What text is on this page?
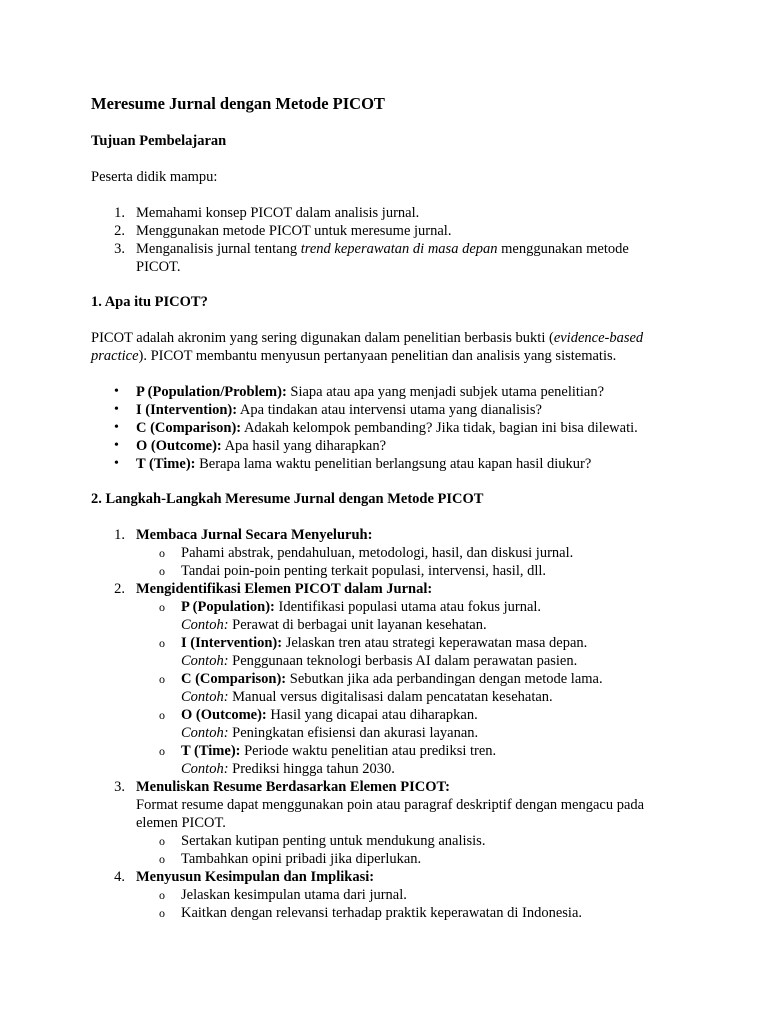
Meresume Jurnal dengan Metode PICOT
Tujuan Pembelajaran
Peserta didik mampu:
1. Memahami konsep PICOT dalam analisis jurnal.
2. Menggunakan metode PICOT untuk meresume jurnal.
3. Menganalisis jurnal tentang trend keperawatan di masa depan menggunakan metode
PICOT.
1. Apa itu PICOT?
PICOT adalah akronim yang sering digunakan dalam penelitian berbasis bukti (evidence-based
practice). PICOT membantu menyusun pertanyaan penelitian dan analisis yang sistematis.
• P (Population/Problem): Siapa atau apa yang menjadi subjek utama penelitian?
• I (Intervention): Apa tindakan atau intervensi utama yang dianalisis?
• C (Comparison): Adakah kelompok pembanding? Jika tidak, bagian ini bisa dilewati.
• O (Outcome): Apa hasil yang diharapkan?
• T (Time): Berapa lama waktu penelitian berlangsung atau kapan hasil diukur?
2. Langkah-Langkah Meresume Jurnal dengan Metode PICOT
1. Membaca Jurnal Secara Menyeluruh:
o Pahami abstrak, pendahuluan, metodologi, hasil, dan diskusi jurnal.
o Tandai poin-poin penting terkait populasi, intervensi, hasil, dll.
2. Mengidentifikasi Elemen PICOT dalam Jurnal:
o P (Population): Identifikasi populasi utama atau fokus jurnal.
Contoh: Perawat di berbagai unit layanan kesehatan.
o I (Intervention): Jelaskan tren atau strategi keperawatan masa depan.
Contoh: Penggunaan teknologi berbasis AI dalam perawatan pasien.
o C (Comparison): Sebutkan jika ada perbandingan dengan metode lama.
Contoh: Manual versus digitalisasi dalam pencatatan kesehatan.
o O (Outcome): Hasil yang dicapai atau diharapkan.
Contoh: Peningkatan efisiensi dan akurasi layanan.
o T (Time): Periode waktu penelitian atau prediksi tren.
Contoh: Prediksi hingga tahun 2030.
3. Menuliskan Resume Berdasarkan Elemen PICOT:
Format resume dapat menggunakan poin atau paragraf deskriptif dengan mengacu pada
elemen PICOT.
o Sertakan kutipan penting untuk mendukung analisis.
o Tambahkan opini pribadi jika diperlukan.
4. Menyusun Kesimpulan dan Implikasi:
o Jelaskan kesimpulan utama dari jurnal.
o Kaitkan dengan relevansi terhadap praktik keperawatan di Indonesia.
